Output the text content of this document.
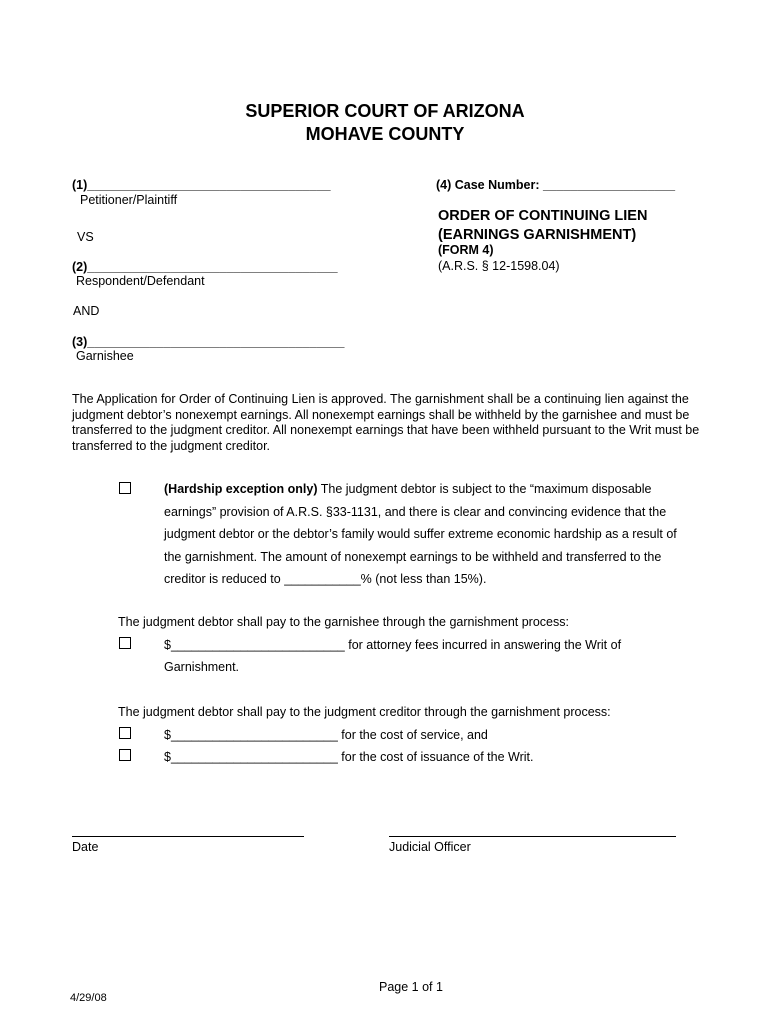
SUPERIOR COURT OF ARIZONA
MOHAVE COUNTY
(1)___________________________________
Petitioner/Plaintiff
VS
(2)____________________________________
Respondent/Defendant
AND
(3)_____________________________________
Garnishee
(4) Case Number: ___________________
ORDER OF CONTINUING LIEN
(EARNINGS GARNISHMENT)
(FORM 4)
(A.R.S. § 12-1598.04)
The Application for Order of Continuing Lien is approved. The garnishment shall be a continuing lien against the judgment debtor’s nonexempt earnings. All nonexempt earnings shall be withheld by the garnishee and must be transferred to the judgment creditor. All nonexempt earnings that have been withheld pursuant to the Writ must be transferred to the judgment creditor.
(Hardship exception only) The judgment debtor is subject to the “maximum disposable earnings” provision of A.R.S. §33-1131, and there is clear and convincing evidence that the judgment debtor or the debtor’s family would suffer extreme economic hardship as a result of the garnishment. The amount of nonexempt earnings to be withheld and transferred to the creditor is reduced to ___________% (not less than 15%).
The judgment debtor shall pay to the garnishee through the garnishment process:
$_________________________ for attorney fees incurred in answering the Writ of
Garnishment.
The judgment debtor shall pay to the judgment creditor through the garnishment process:
$________________________ for the cost of service, and
$________________________ for the cost of issuance of the Writ.
Date	Judicial Officer
Page 1 of 1
4/29/08
